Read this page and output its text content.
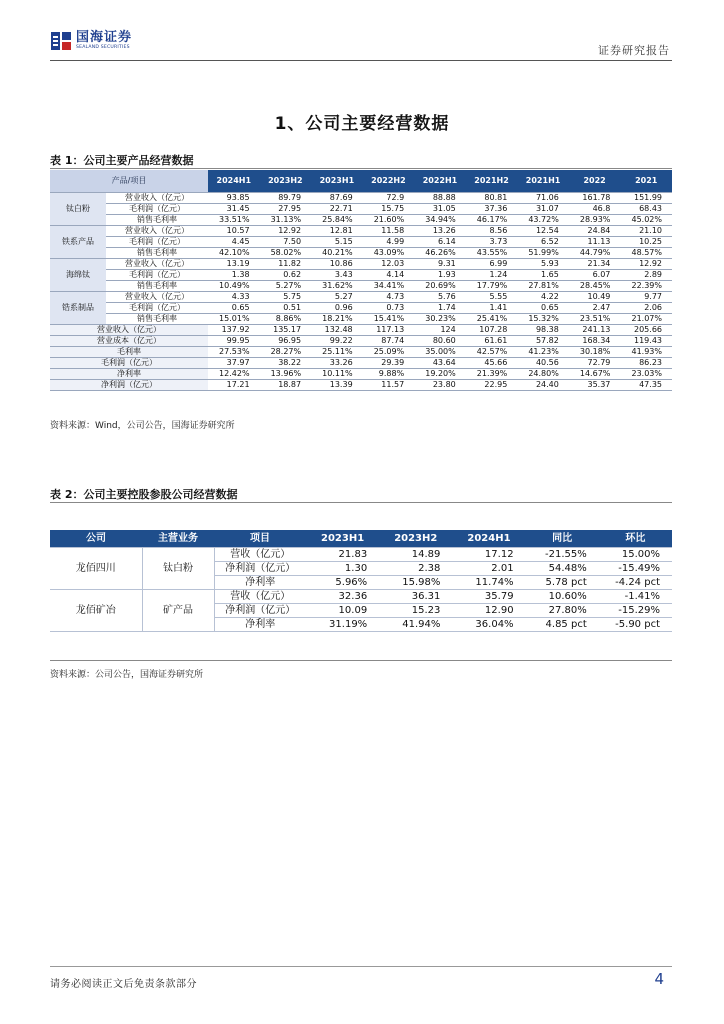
国海证券
SEALAND SECURITIES	证券研究报告
1、公司主要经营数据
表 1：公司主要产品经营数据
产品/项目		2024H1	2023H2	2023H1	2022H2	2022H1	2021H2	2021H1	2022	2021
钛白粉	营业收入（亿元）	93.85	89.79	87.69	72.9	88.88	80.81	71.06	161.78	151.99
	毛利润（亿元）	31.45	27.95	22.71	15.75	31.05	37.36	31.07	46.8	68.43
	销售毛利率	33.51%	31.13%	25.84%	21.60%	34.94%	46.17%	43.72%	28.93%	45.02%
铁系产品	营业收入（亿元）	10.57	12.92	12.81	11.58	13.26	8.56	12.54	24.84	21.10
	毛利润（亿元）	4.45	7.50	5.15	4.99	6.14	3.73	6.52	11.13	10.25
	销售毛利率	42.10%	58.02%	40.21%	43.09%	46.26%	43.55%	51.99%	44.79%	48.57%
海绵钛	营业收入（亿元）	13.19	11.82	10.86	12.03	9.31	6.99	5.93	21.34	12.92
	毛利润（亿元）	1.38	0.62	3.43	4.14	1.93	1.24	1.65	6.07	2.89
	销售毛利率	10.49%	5.27%	31.62%	34.41%	20.69%	17.79%	27.81%	28.45%	22.39%
锆系制品	营业收入（亿元）	4.33	5.75	5.27	4.73	5.76	5.55	4.22	10.49	9.77
	毛利润（亿元）	0.65	0.51	0.96	0.73	1.74	1.41	0.65	2.47	2.06
	销售毛利率	15.01%	8.86%	18.21%	15.41%	30.23%	25.41%	15.32%	23.51%	21.07%
营业收入（亿元）		137.92	135.17	132.48	117.13	124	107.28	98.38	241.13	205.66
营业成本（亿元）		99.95	96.95	99.22	87.74	80.60	61.61	57.82	168.34	119.43
毛利率		27.53%	28.27%	25.11%	25.09%	35.00%	42.57%	41.23%	30.18%	41.93%
毛利润（亿元）		37.97	38.22	33.26	29.39	43.64	45.66	40.56	72.79	86.23
净利率		12.42%	13.96%	10.11%	9.88%	19.20%	21.39%	24.80%	14.67%	23.03%
净利润（亿元）		17.21	18.87	13.39	11.57	23.80	22.95	24.40	35.37	47.35
资料来源：Wind，公司公告，国海证券研究所
表 2：公司主要控股参股公司经营数据
公司	主营业务	项目	2023H1	2023H2	2024H1	同比	环比
龙佰四川	钛白粉	营收（亿元）	21.83	14.89	17.12	-21.55%	15.00%
		净利润（亿元）	1.30	2.38	2.01	54.48%	-15.49%
		净利率	5.96%	15.98%	11.74%	5.78 pct	-4.24 pct
龙佰矿冶	矿产品	营收（亿元）	32.36	36.31	35.79	10.60%	-1.41%
		净利润（亿元）	10.09	15.23	12.90	27.80%	-15.29%
		净利率	31.19%	41.94%	36.04%	4.85 pct	-5.90 pct
资料来源：公司公告，国海证券研究所
请务必阅读正文后免责条款部分	4
